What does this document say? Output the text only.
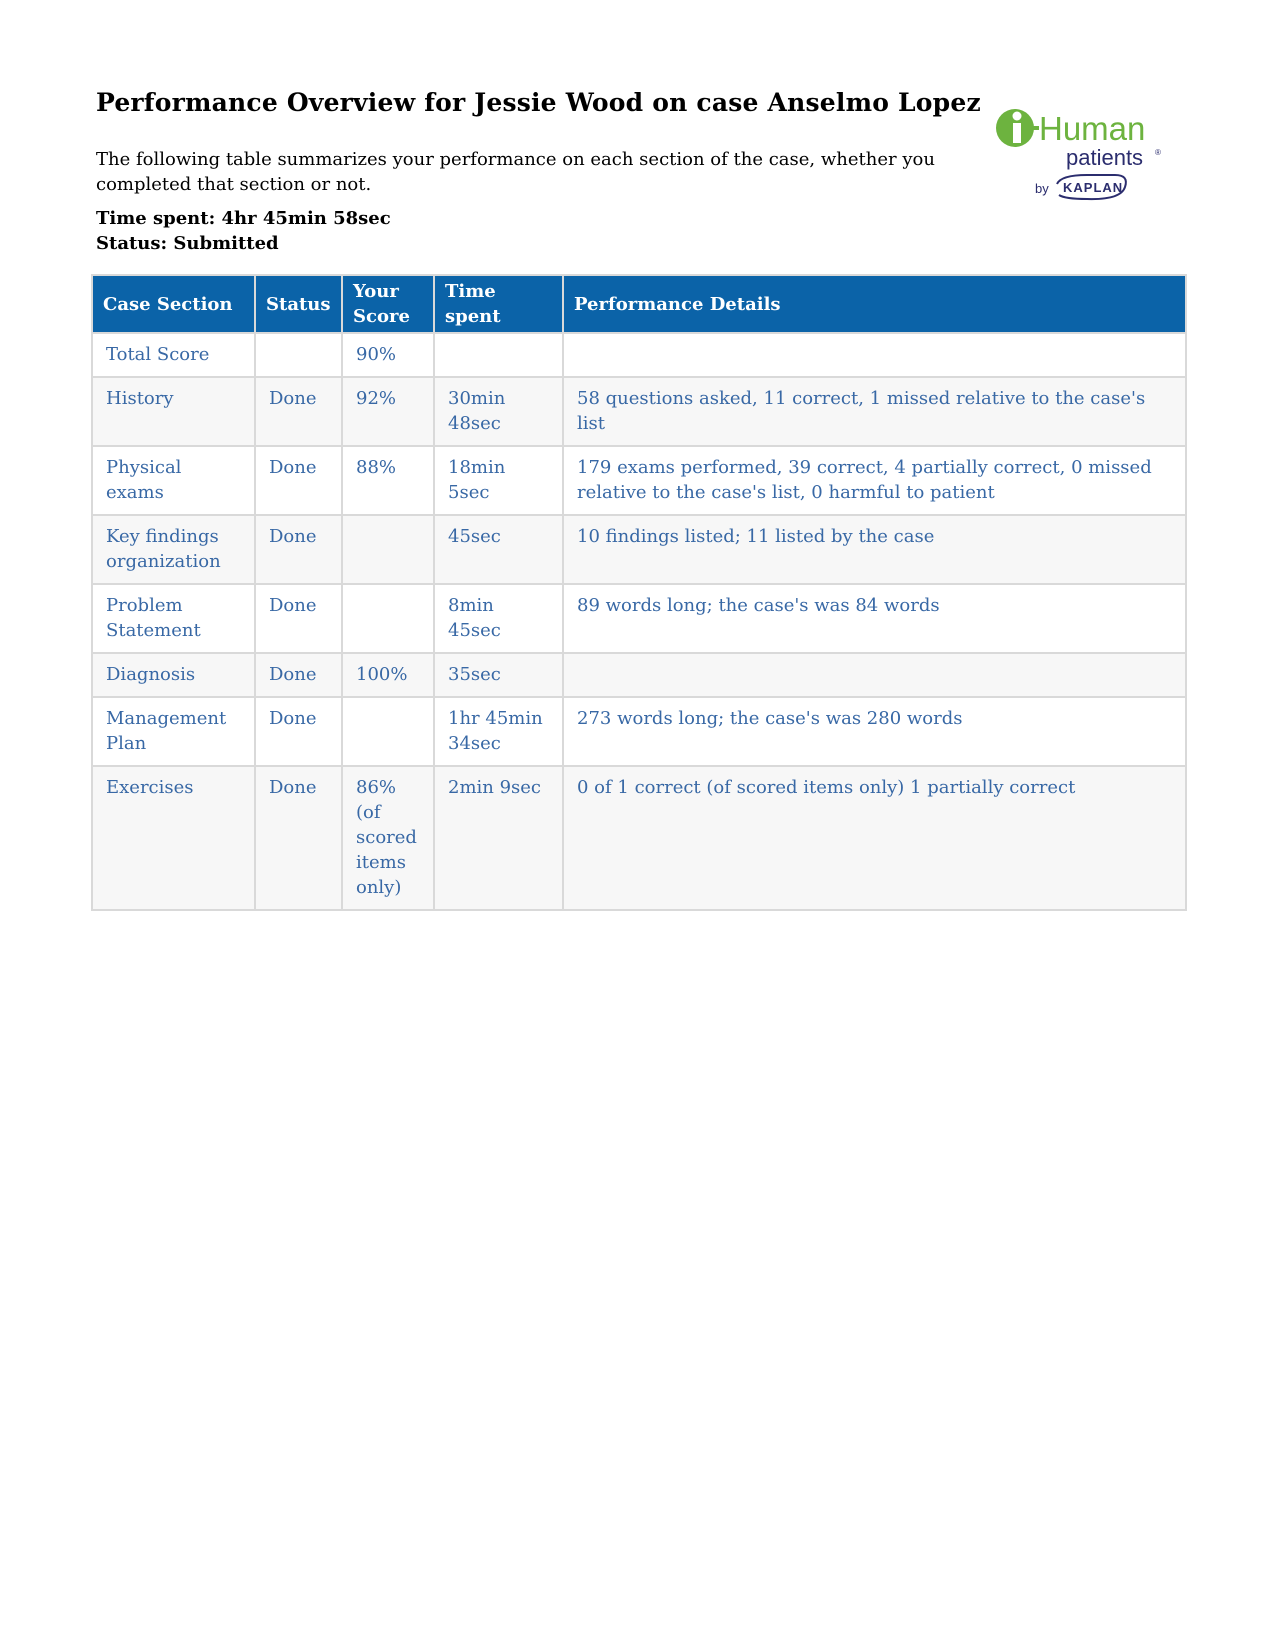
Performance Overview for Jessie Wood on case Anselmo Lopez

The following table summarizes your performance on each section of the case, whether you completed that section or not.

Time spent: 4hr 45min 58sec
Status: Submitted
Human
patients ®
by KAPLAN
Case Section	Status	Your Score	Time spent	Performance Details
Total Score		90%		
History	Done	92%	30min 48sec	58 questions asked, 11 correct, 1 missed relative to the case's list
Physical exams	Done	88%	18min 5sec	179 exams performed, 39 correct, 4 partially correct, 0 missed relative to the case's list, 0 harmful to patient
Key findings organization	Done		45sec	10 findings listed; 11 listed by the case
Problem Statement	Done		8min 45sec	89 words long; the case's was 84 words
Diagnosis	Done	100%	35sec	
Management Plan	Done		1hr 45min 34sec	273 words long; the case's was 280 words
Exercises	Done	86% (of scored items only)	2min 9sec	0 of 1 correct (of scored items only) 1 partially correct
